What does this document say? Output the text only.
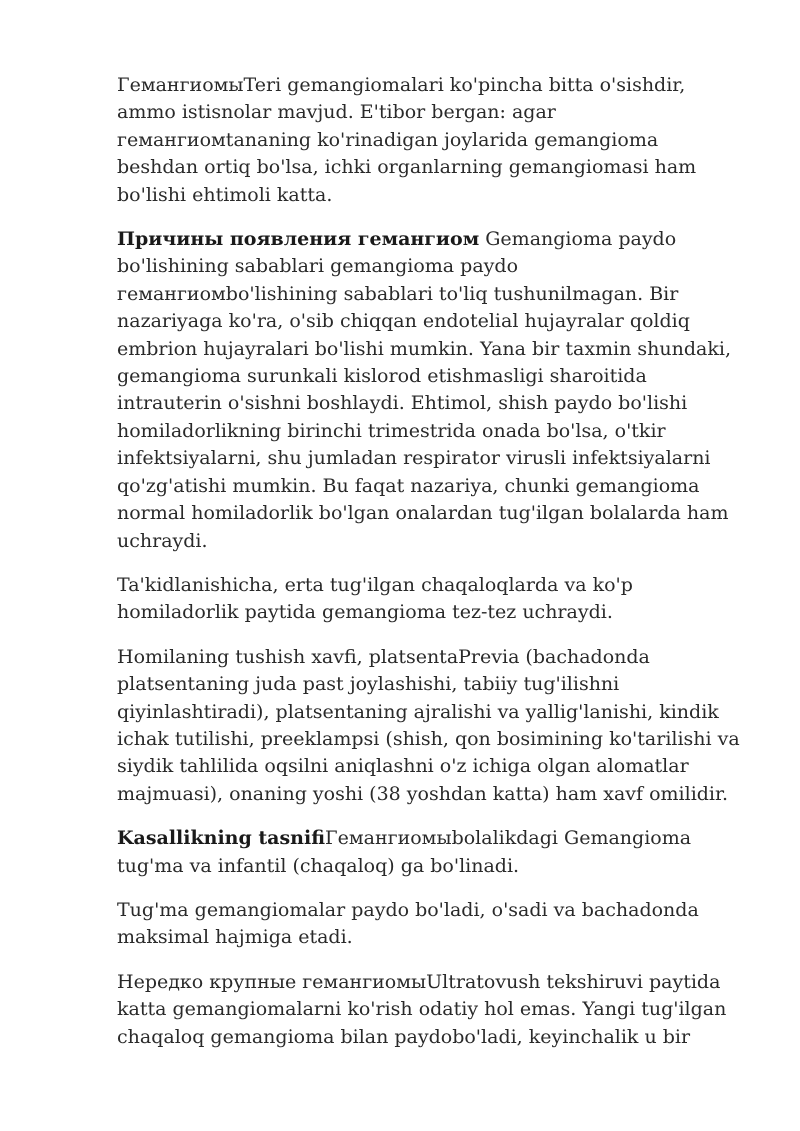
ГемангиомыTeri gemangiomalari ko'pincha bitta o'sishdir,
ammo istisnolar mavjud. E'tibor bergan: agar
гемангиомtananing ko'rinadigan joylarida gemangioma
beshdan ortiq bo'lsa, ichki organlarning gemangiomasi ham
bo'lishi ehtimoli katta.

Причины появления гемангиом Gemangioma paydo
bo'lishining sabablari gemangioma paydo
гемангиомbo'lishining sabablari to'liq tushunilmagan. Bir
nazariyaga ko'ra, o'sib chiqqan endotelial hujayralar qoldiq
embrion hujayralari bo'lishi mumkin. Yana bir taxmin shundaki,
gemangioma surunkali kislorod etishmasligi sharoitida
intrauterin o'sishni boshlaydi. Ehtimol, shish paydo bo'lishi
homiladorlikning birinchi trimestrida onada bo'lsa, o'tkir
infektsiyalarni, shu jumladan respirator virusli infektsiyalarni
qo'zg'atishi mumkin. Bu faqat nazariya, chunki gemangioma
normal homiladorlik bo'lgan onalardan tug'ilgan bolalarda ham
uchraydi.

Ta'kidlanishicha, erta tug'ilgan chaqaloqlarda va ko'p
homiladorlik paytida gemangioma tez-tez uchraydi.

Homilaning tushish xavfi, platsentaPrevia (bachadonda
platsentaning juda past joylashishi, tabiiy tug'ilishni
qiyinlashtiradi), platsentaning ajralishi va yallig'lanishi, kindik
ichak tutilishi, preeklampsi (shish, qon bosimining ko'tarilishi va
siydik tahlilida oqsilni aniqlashni o'z ichiga olgan alomatlar
majmuasi), onaning yoshi (38 yoshdan katta) ham xavf omilidir.

Kasallikning tasnifiГемангиомыbolalikdagi Gemangioma
tug'ma va infantil (chaqaloq) ga bo'linadi.

Tug'ma gemangiomalar paydo bo'ladi, o'sadi va bachadonda
maksimal hajmiga etadi.

Нередко крупные гемангиомыUltratovush tekshiruvi paytida
katta gemangiomalarni ko'rish odatiy hol emas. Yangi tug'ilgan
chaqaloq gemangioma bilan paydobo'ladi, keyinchalik u bir
